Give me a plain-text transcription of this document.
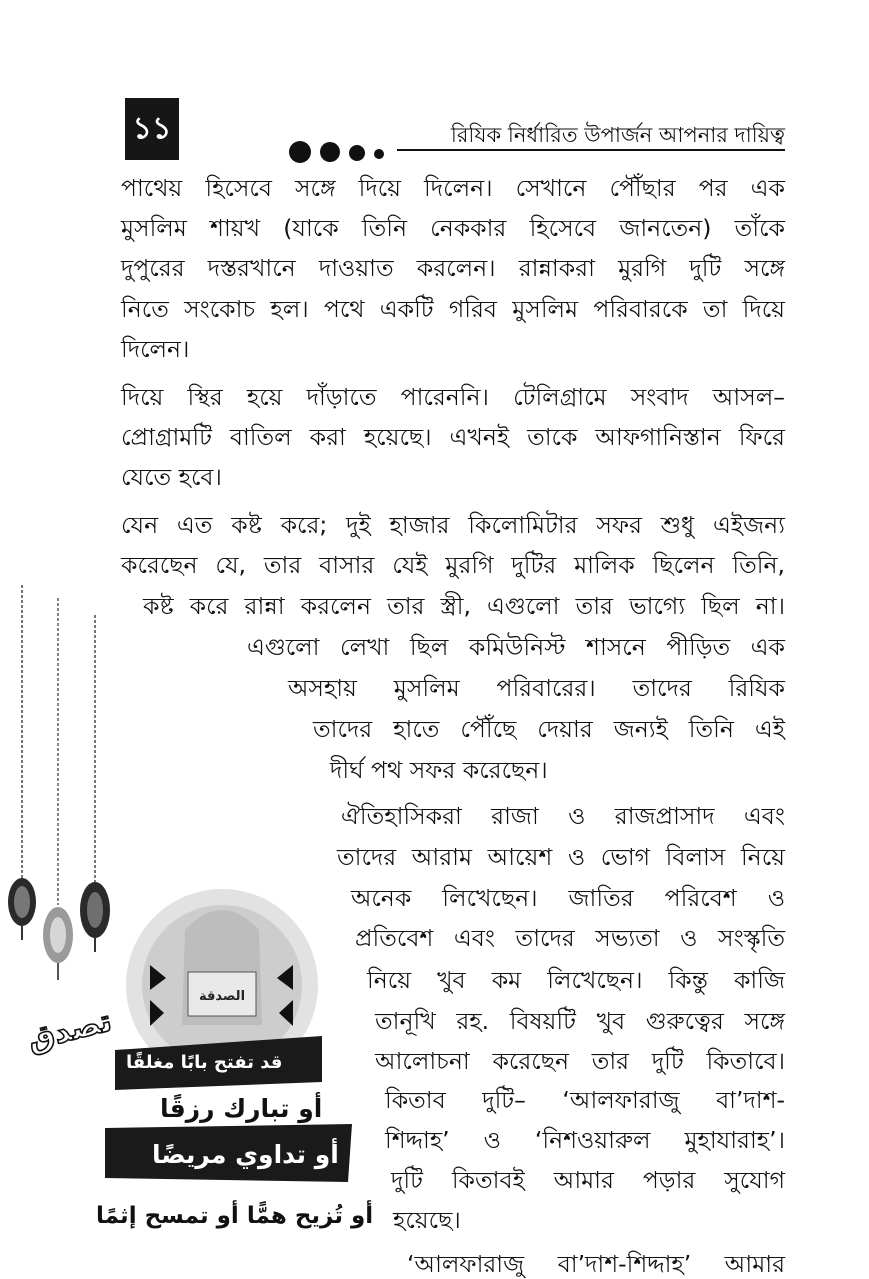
১১	রিযিক নির্ধারিত উপার্জন আপনার দায়িত্ব
الصدقة
تصدق
قد تفتح بابًا مغلقًا
أو تبارك رزقًا
أو تداوي مريضًا
أو تُزيح همًّا أو تمسح إثمًا
পাথেয় হিসেবে সঙ্গে দিয়ে দিলেন। সেখানে পৌঁছার পর এক
মুসলিম শায়খ (যাকে তিনি নেককার হিসেবে জানতেন) তাঁকে
দুপুরের দস্তরখানে দাওয়াত করলেন। রান্নাকরা মুরগি দুটি সঙ্গে
নিতে সংকোচ হল। পথে একটি গরিব মুসলিম পরিবারকে তা দিয়ে
দিলেন।
দিয়ে স্থির হয়ে দাঁড়াতে পারেননি। টেলিগ্রামে সংবাদ আসল–
প্রোগ্রামটি বাতিল করা হয়েছে। এখনই তাকে আফগানিস্তান ফিরে
যেতে হবে।
যেন এত কষ্ট করে; দুই হাজার কিলোমিটার সফর শুধু এইজন্য
করেছেন যে, তার বাসার যেই মুরগি দুটির মালিক ছিলেন তিনি,
কষ্ট করে রান্না করলেন তার স্ত্রী, এগুলো তার ভাগ্যে ছিল না।
এগুলো লেখা ছিল কমিউনিস্ট শাসনে পীড়িত এক
অসহায় মুসলিম পরিবারের। তাদের রিযিক
তাদের হাতে পৌঁছে দেয়ার জন্যই তিনি এই
দীর্ঘ পথ সফর করেছেন।
ঐতিহাসিকরা রাজা ও রাজপ্রাসাদ এবং
তাদের আরাম আয়েশ ও ভোগ বিলাস নিয়ে
অনেক লিখেছেন। জাতির পরিবেশ ও
প্রতিবেশ এবং তাদের সভ্যতা ও সংস্কৃতি
নিয়ে খুব কম লিখেছেন। কিন্তু কাজি
তানূখি রহ. বিষয়টি খুব গুরুত্বের সঙ্গে
আলোচনা করেছেন তার দুটি কিতাবে।
কিতাব দুটি– ‘আলফারাজু বা’দাশ-
শিদ্দাহ’ ও ‘নিশওয়ারুল মুহাযারাহ’।
দুটি কিতাবই আমার পড়ার সুযোগ
হয়েছে।
‘আলফারাজু বা’দাশ-শিদ্দাহ’ আমার
